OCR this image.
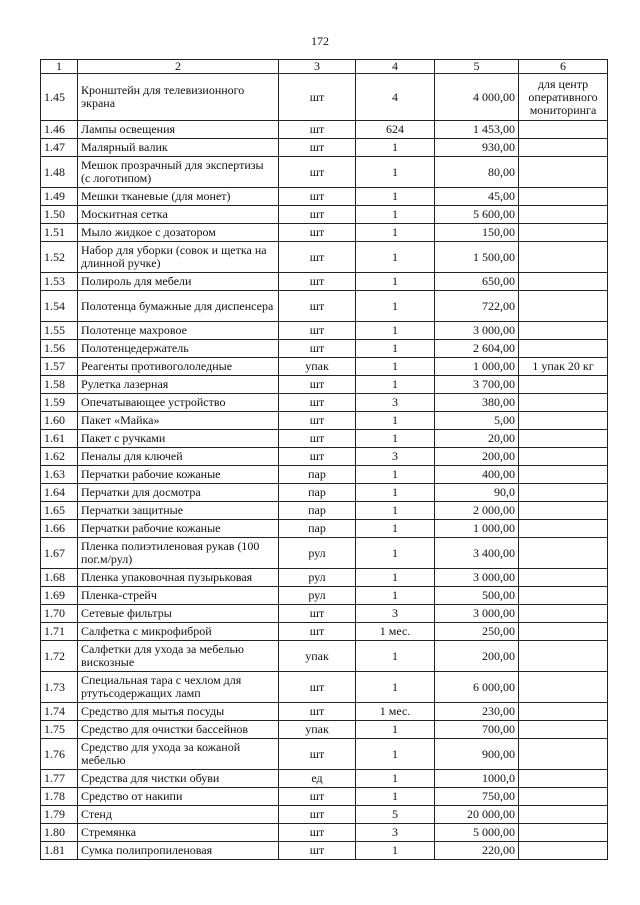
172
1	2	3	4	5	6
1.45	Кронштейн для телевизионного экрана	шт	4	4 000,00	для центр оперативного мониторинга
1.46	Лампы освещения	шт	624	1 453,00	
1.47	Малярный валик	шт	1	930,00	
1.48	Мешок прозрачный для экспертизы (с логотипом)	шт	1	80,00	
1.49	Мешки тканевые (для монет)	шт	1	45,00	
1.50	Москитная сетка	шт	1	5 600,00	
1.51	Мыло жидкое с дозатором	шт	1	150,00	
1.52	Набор для уборки (совок и щетка на длинной ручке)	шт	1	1 500,00	
1.53	Полироль для мебели	шт	1	650,00	
1.54	Полотенца бумажные для диспенсера	шт	1	722,00	
1.55	Полотенце махровое	шт	1	3 000,00	
1.56	Полотенцедержатель	шт	1	2 604,00	
1.57	Реагенты противогололедные	упак	1	1 000,00	1 упак 20 кг
1.58	Рулетка лазерная	шт	1	3 700,00	
1.59	Опечатывающее устройство	шт	3	380,00	
1.60	Пакет «Майка»	шт	1	5,00	
1.61	Пакет с ручками	шт	1	20,00	
1.62	Пеналы для ключей	шт	3	200,00	
1.63	Перчатки рабочие кожаные	пар	1	400,00	
1.64	Перчатки для досмотра	пар	1	90,0	
1.65	Перчатки защитные	пар	1	2 000,00	
1.66	Перчатки рабочие кожаные	пар	1	1 000,00	
1.67	Пленка полиэтиленовая рукав (100 пог.м/рул)	рул	1	3 400,00	
1.68	Пленка упаковочная пузырьковая	рул	1	3 000,00	
1.69	Пленка-стрейч	рул	1	500,00	
1.70	Сетевые фильтры	шт	3	3 000,00	
1.71	Салфетка с микрофиброй	шт	1 мес.	250,00	
1.72	Салфетки для ухода за мебелью вискозные	упак	1	200,00	
1.73	Специальная тара с чехлом для ртутьсодержащих ламп	шт	1	6 000,00	
1.74	Средство для мытья посуды	шт	1 мес.	230,00	
1.75	Средство для очистки бассейнов	упак	1	700,00	
1.76	Средство для ухода за кожаной мебелью	шт	1	900,00	
1.77	Средства для чистки обуви	ед	1	1000,0	
1.78	Средство от накипи	шт	1	750,00	
1.79	Стенд	шт	5	20 000,00	
1.80	Стремянка	шт	3	5 000,00	
1.81	Сумка полипропиленовая	шт	1	220,00	
